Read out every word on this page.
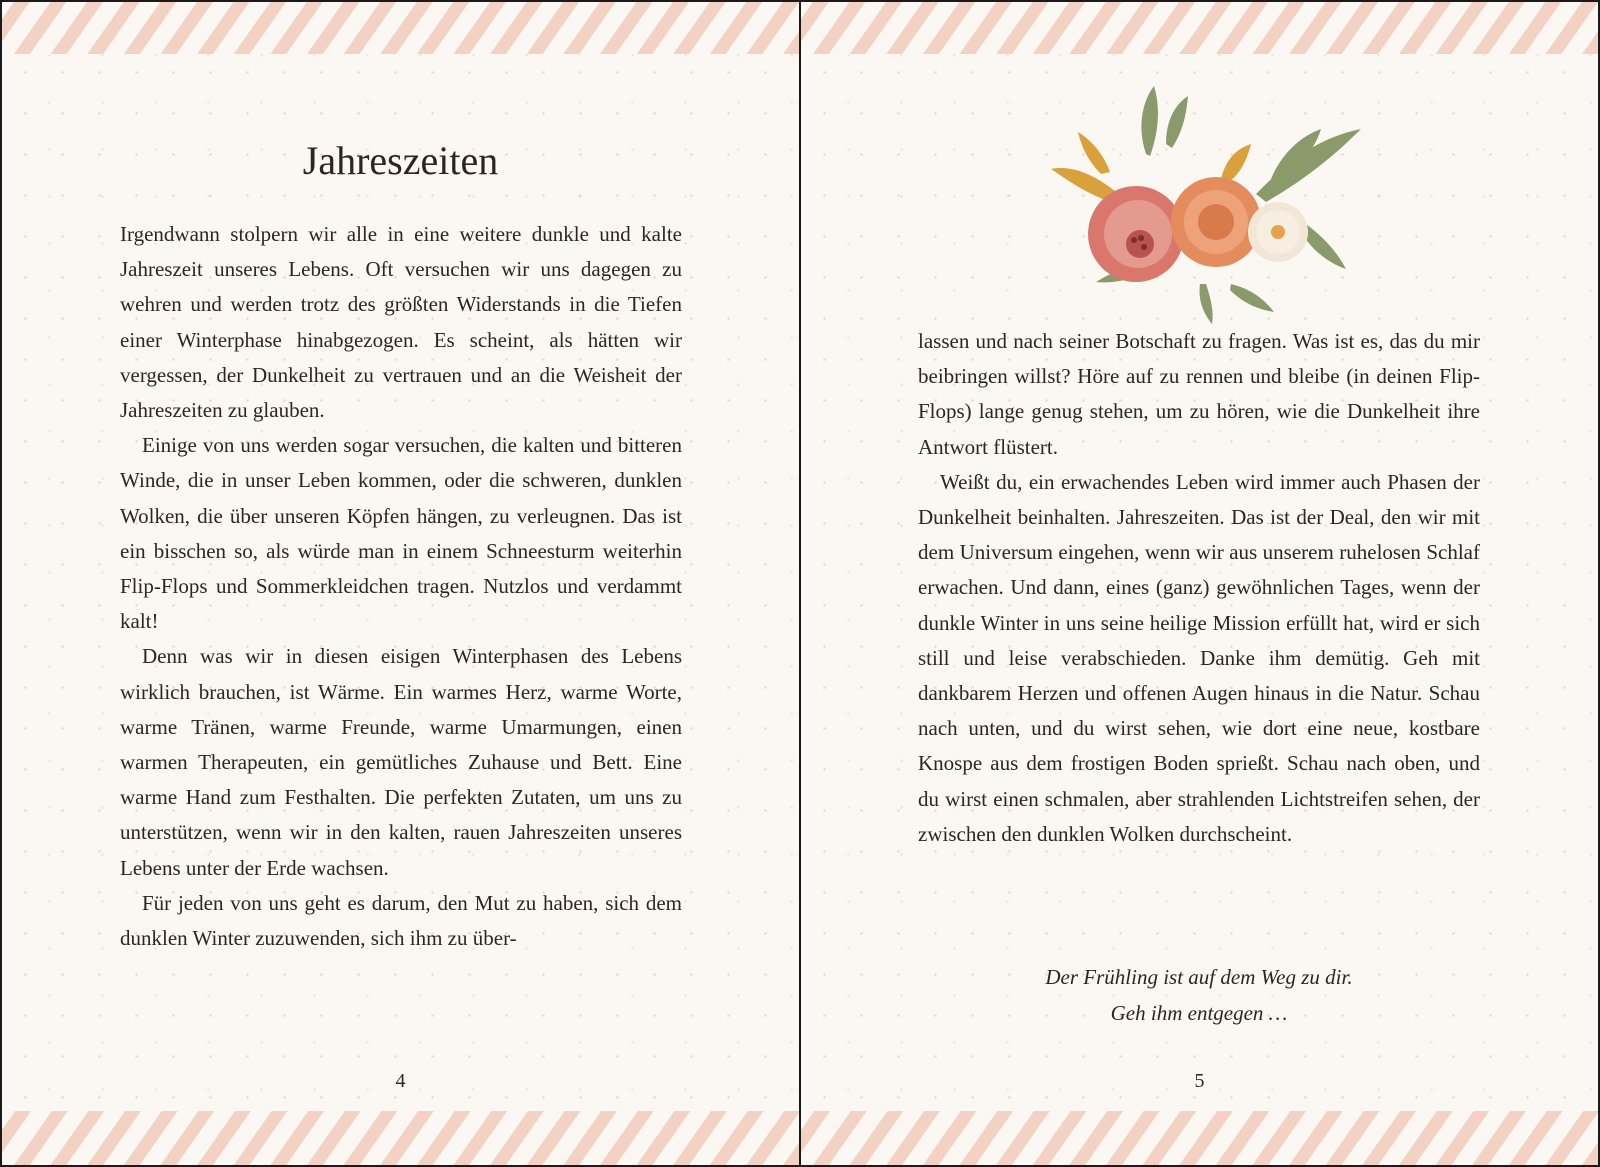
Jahreszeiten

Irgendwann stolpern wir alle in eine weitere dunkle und kalte Jahreszeit unseres Lebens. Oft versuchen wir uns dagegen zu wehren und werden trotz des größten Widerstands in die Tiefen einer Winterphase hinabgezogen. Es scheint, als hätten wir vergessen, der Dunkelheit zu vertrauen und an die Weisheit der Jahreszeiten zu glauben.

Einige von uns werden sogar versuchen, die kalten und bitteren Winde, die in unser Leben kommen, oder die schweren, dunklen Wolken, die über unseren Köpfen hängen, zu verleugnen. Das ist ein bisschen so, als würde man in einem Schneesturm weiterhin Flip-Flops und Sommerkleidchen tragen. Nutzlos und verdammt kalt!

Denn was wir in diesen eisigen Winterphasen des Lebens wirklich brauchen, ist Wärme. Ein warmes Herz, warme Worte, warme Tränen, warme Freunde, warme Umarmungen, einen warmen Therapeuten, ein gemütliches Zuhause und Bett. Eine warme Hand zum Festhalten. Die perfekten Zutaten, um uns zu unterstützen, wenn wir in den kalten, rauen Jahreszeiten unseres Lebens unter der Erde wachsen.

Für jeden von uns geht es darum, den Mut zu haben, sich dem dunklen Winter zuzuwenden, sich ihm zu über-

4

lassen und nach seiner Botschaft zu fragen. Was ist es, das du mir beibringen willst? Höre auf zu rennen und bleibe (in deinen Flip-Flops) lange genug stehen, um zu hören, wie die Dunkelheit ihre Antwort flüstert.

Weißt du, ein erwachendes Leben wird immer auch Phasen der Dunkelheit beinhalten. Jahreszeiten. Das ist der Deal, den wir mit dem Universum eingehen, wenn wir aus unserem ruhelosen Schlaf erwachen. Und dann, eines (ganz) gewöhnlichen Tages, wenn der dunkle Winter in uns seine heilige Mission erfüllt hat, wird er sich still und leise verabschieden. Danke ihm demütig. Geh mit dankbarem Herzen und offenen Augen hinaus in die Natur. Schau nach unten, und du wirst sehen, wie dort eine neue, kostbare Knospe aus dem frostigen Boden sprießt. Schau nach oben, und du wirst einen schmalen, aber strahlenden Lichtstreifen sehen, der zwischen den dunklen Wolken durchscheint.

Der Frühling ist auf dem Weg zu dir.
Geh ihm entgegen …
5
